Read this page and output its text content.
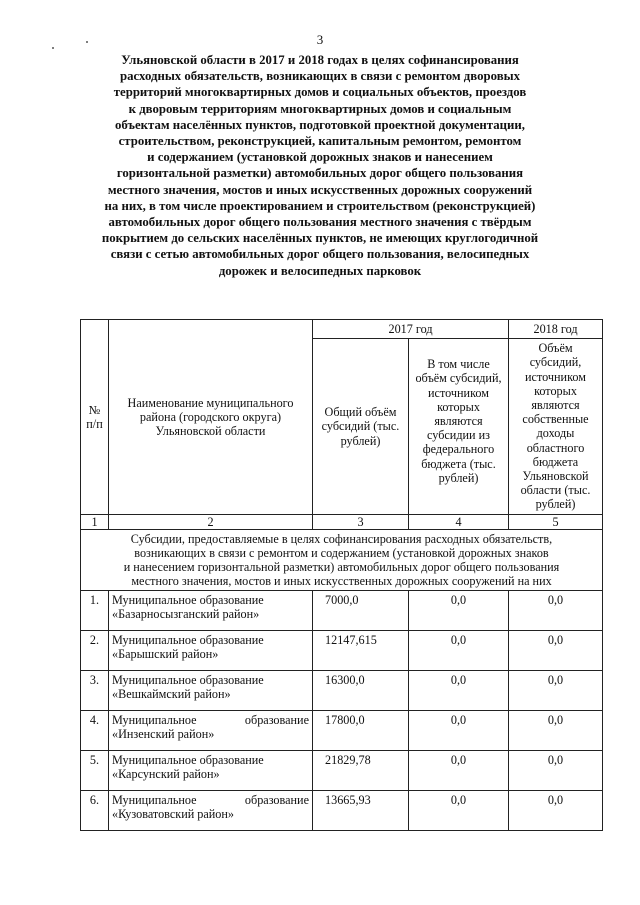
3
Ульяновской области в 2017 и 2018 годах в целях софинансирования
расходных обязательств, возникающих в связи с ремонтом дворовых
территорий многоквартирных домов и социальных объектов, проездов
к дворовым территориям многоквартирных домов и социальным
объектам населённых пунктов, подготовкой проектной документации,
строительством, реконструкцией, капитальным ремонтом, ремонтом
и содержанием (установкой дорожных знаков и нанесением
горизонтальной разметки) автомобильных дорог общего пользования
местного значения, мостов и иных искусственных дорожных сооружений
на них, в том числе проектированием и строительством (реконструкцией)
автомобильных дорог общего пользования местного значения с твёрдым
покрытием до сельских населённых пунктов, не имеющих круглогодичной
связи с сетью автомобильных дорог общего пользования, велосипедных
дорожек и велосипедных парковок
№ п/п	Наименование муниципального района (городского округа) Ульяновской области	2017 год		2018 год
		Общий объём субсидий (тыс. рублей)	В том числе объём субсидий, источником которых являются субсидии из федерального бюджета (тыс. рублей)	Объём субсидий, источником которых являются собственные доходы областного бюджета Ульяновской области (тыс. рублей)
1	2	3	4	5

Субсидии, предоставляемые в целях софинансирования расходных обязательств,
возникающих в связи с ремонтом и содержанием (установкой дорожных знаков
и нанесением горизонтальной разметки) автомобильных дорог общего пользования
местного значения, мостов и иных искусственных дорожных сооружений на них				

1.	Муниципальное образование
«Базарносызганский район»	7000,0	0,0	0,0
2.	Муниципальное образование
«Барышский район»	12147,615	0,0	0,0
3.	Муниципальное образование
«Вешкаймский район»	16300,0	0,0	0,0
4.	Муниципальное образование
«Инзенский район»	17800,0	0,0	0,0
5.	Муниципальное образование
«Карсунский район»	21829,78	0,0	0,0
6.	Муниципальное образование
«Кузоватовский район»	13665,93	0,0	0,0
